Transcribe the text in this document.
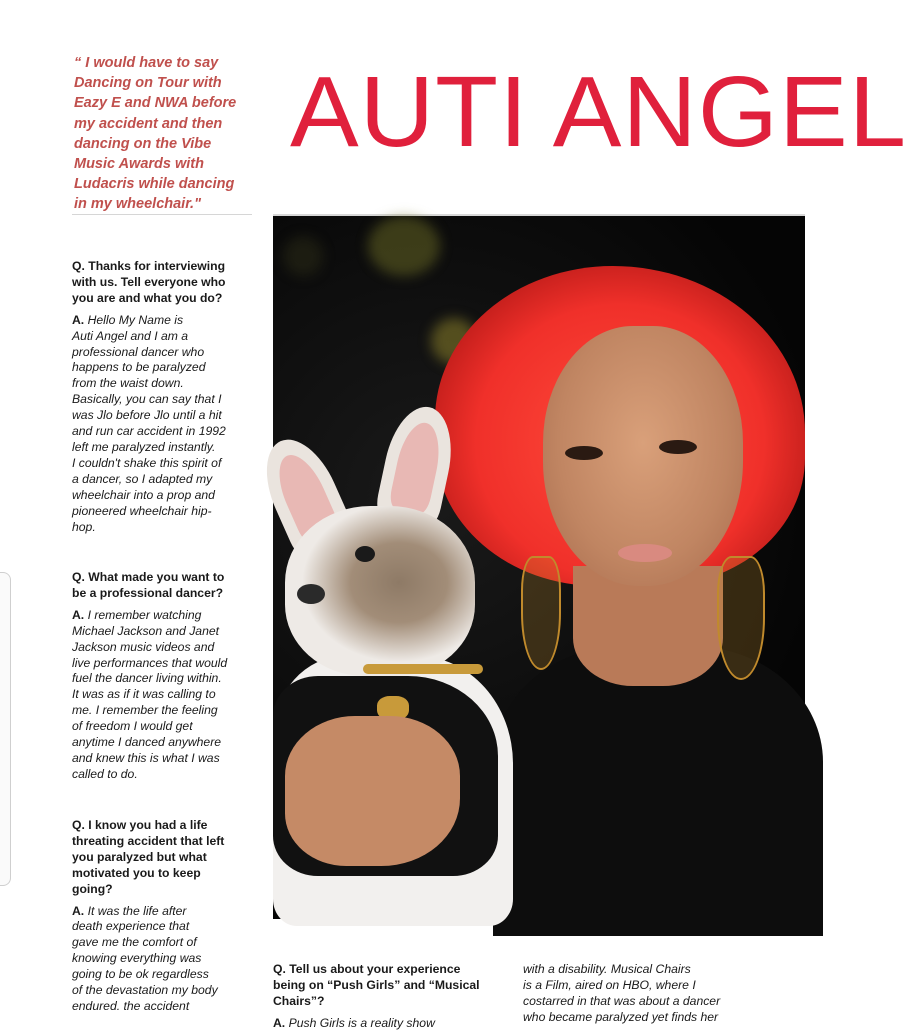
“ I would have to say
Dancing on Tour with
Eazy E and NWA before
my accident and then
dancing on the Vibe
Music Awards with
Ludacris while dancing
in my wheelchair."
AUTI ANGEL

Q. Thanks for interviewing
with us. Tell everyone who
you are and what you do?

A. Hello My Name is
Auti Angel and I am a
professional dancer who
happens to be paralyzed
from the waist down.
Basically, you can say that I
was Jlo before Jlo until a hit
and run car accident in 1992
left me paralyzed instantly.
I couldn't shake this spirit of
a dancer, so I adapted my
wheelchair into a prop and
pioneered wheelchair hip-
hop.

Q. What made you want to
be a professional dancer?

A. I remember watching
Michael Jackson and Janet
Jackson music videos and
live performances that would
fuel the dancer living within.
It was as if it was calling to
me. I remember the feeling
of freedom I would get
anytime I danced anywhere
and knew this is what I was
called to do.

Q. I know you had a life
threating accident that left
you paralyzed but what
motivated you to keep
going?

A. It was the life after
death experience that
gave me the comfort of
knowing everything was
going to be ok regardless
of the devastation my body
endured. the accident

Q. Tell us about your experience
being on “Push Girls” and “Musical
Chairs”?

A. Push Girls is a reality show

with a disability. Musical Chairs
is a Film, aired on HBO, where I
costarred in that was about a dancer
who became paralyzed yet finds her
